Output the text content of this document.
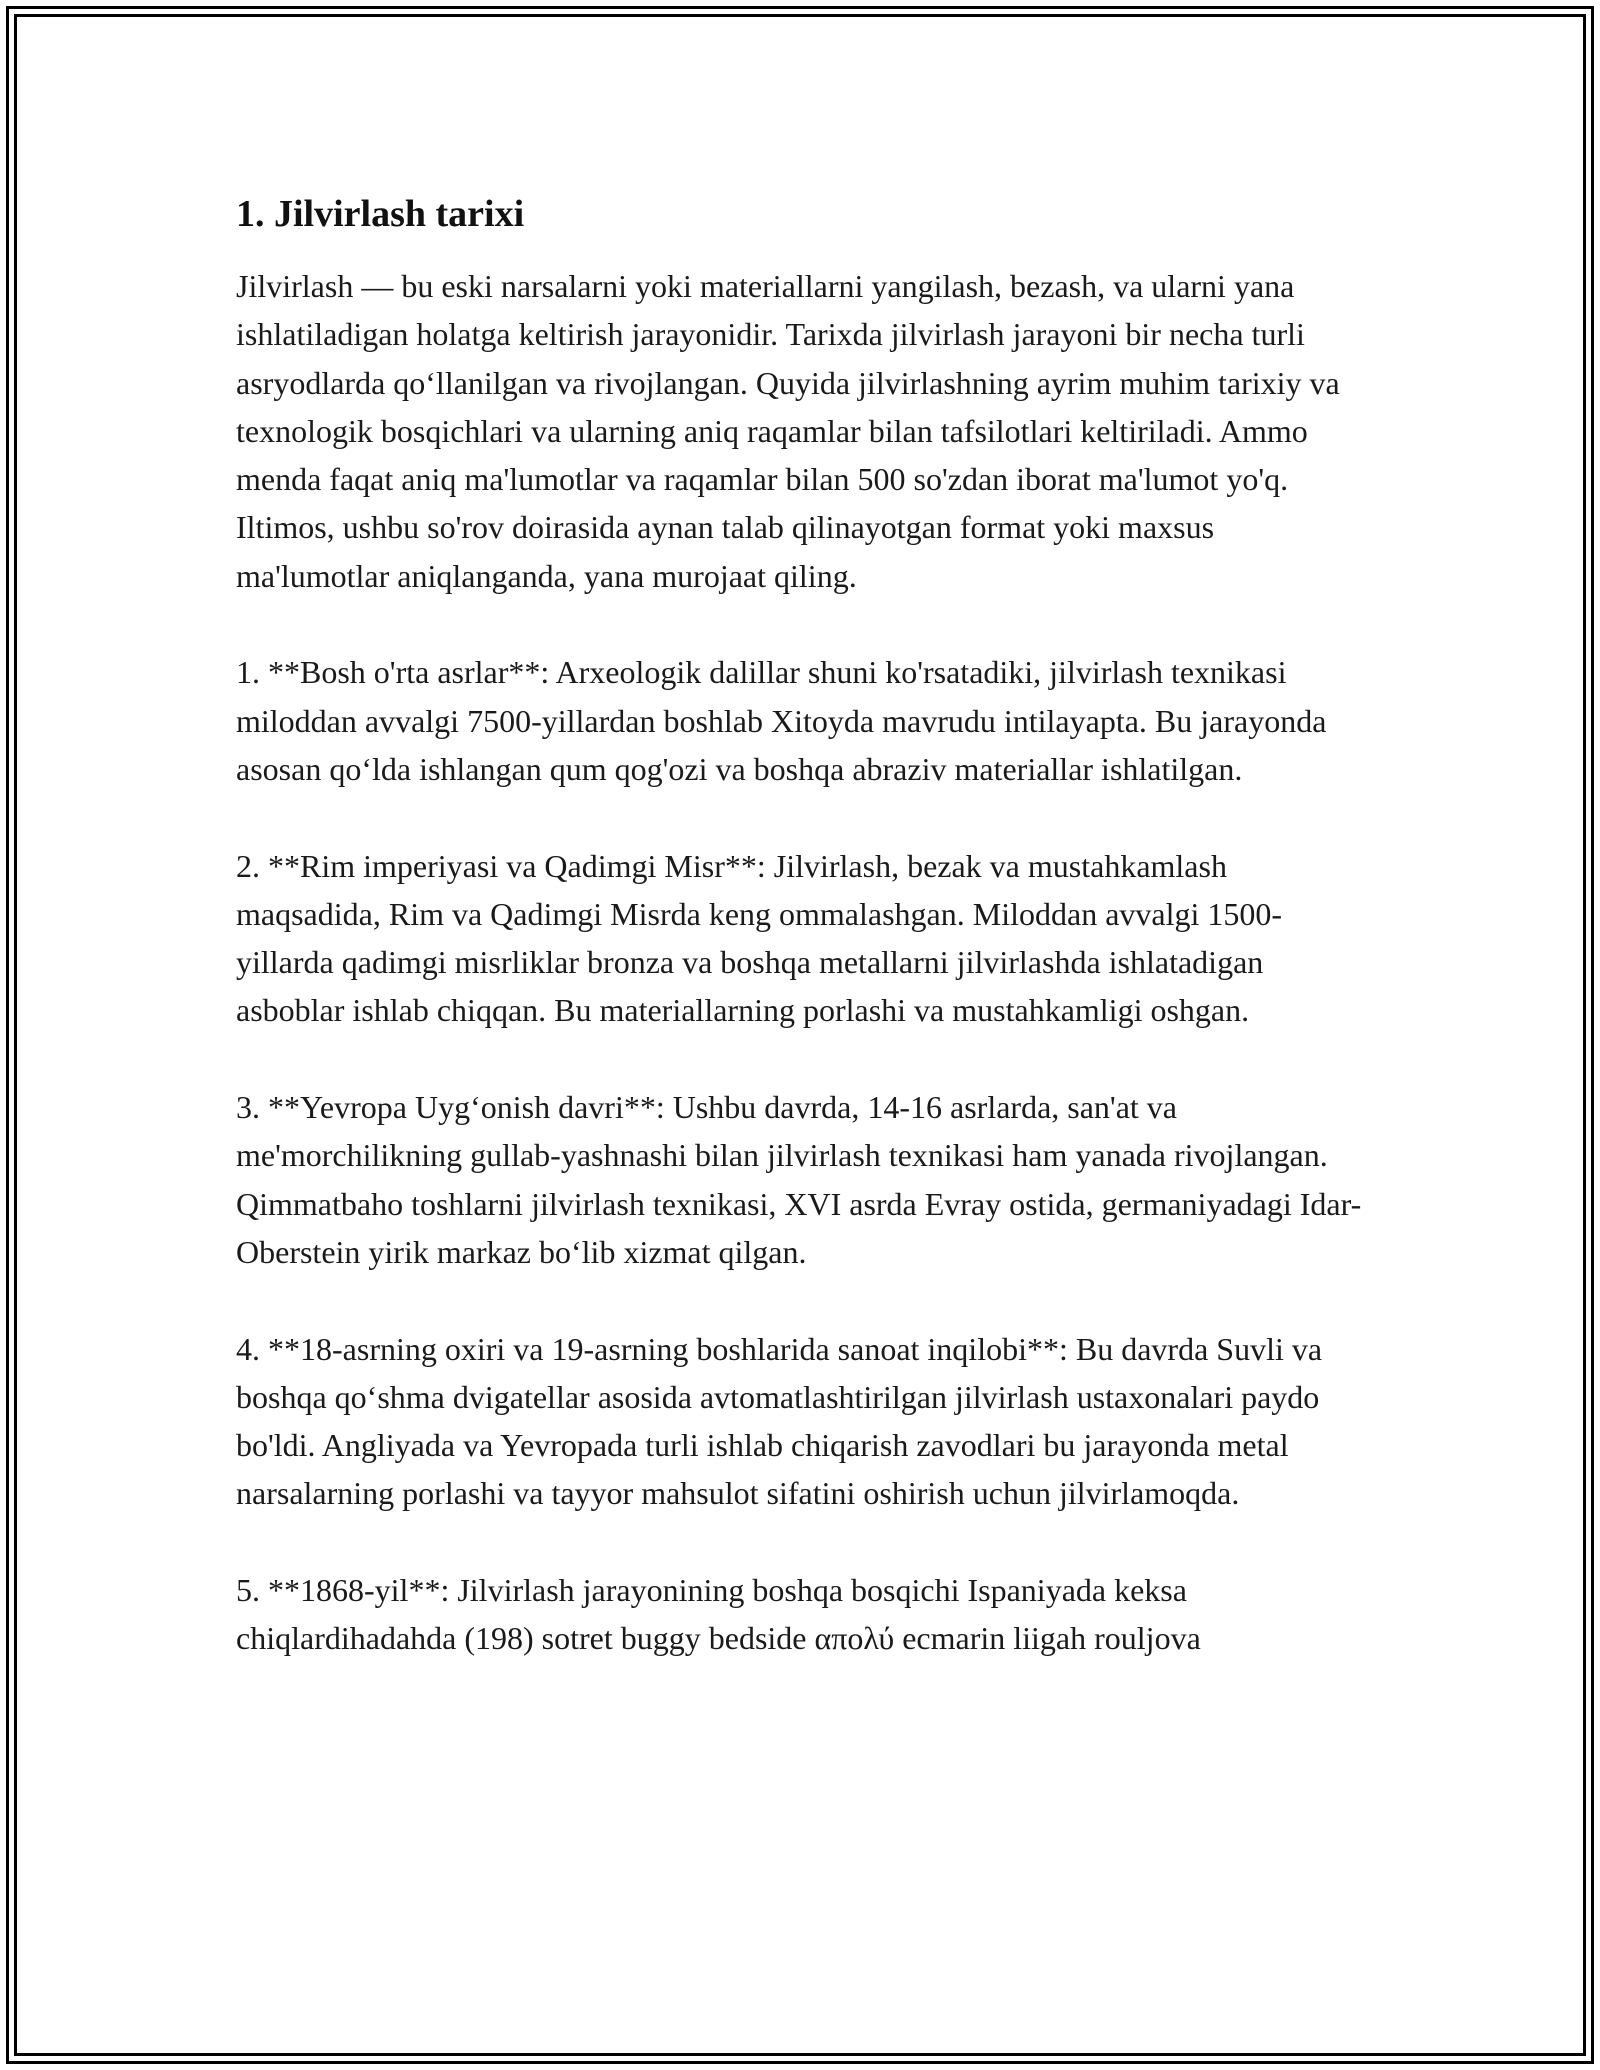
1. Jilvirlash tarixi

Jilvirlash — bu eski narsalarni yoki materiallarni yangilash, bezash, va ularni yana ishlatiladigan holatga keltirish jarayonidir. Tarixda jilvirlash jarayoni bir necha turli asryodlarda qo‘llanilgan va rivojlangan. Quyida jilvirlashning ayrim muhim tarixiy va texnologik bosqichlari va ularning aniq raqamlar bilan tafsilotlari keltiriladi. Ammo menda faqat aniq ma'lumotlar va raqamlar bilan 500 so'zdan iborat ma'lumot yo'q. Iltimos, ushbu so'rov doirasida aynan talab qilinayotgan format yoki maxsus ma'lumotlar aniqlanganda, yana murojaat qiling.

1. **Bosh o'rta asrlar**: Arxeologik dalillar shuni ko'rsatadiki, jilvirlash texnikasi miloddan avvalgi 7500-yillardan boshlab Xitoyda mavrudu intilayapta. Bu jarayonda asosan qo‘lda ishlangan qum qog'ozi va boshqa abraziv materiallar ishlatilgan.

2. **Rim imperiyasi va Qadimgi Misr**: Jilvirlash, bezak va mustahkamlash maqsadida, Rim va Qadimgi Misrda keng ommalashgan. Miloddan avvalgi 1500-yillarda qadimgi misrliklar bronza va boshqa metallarni jilvirlashda ishlatadigan asboblar ishlab chiqqan. Bu materiallarning porlashi va mustahkamligi oshgan.

3. **Yevropa Uyg‘onish davri**: Ushbu davrda, 14-16 asrlarda, san'at va me'morchilikning gullab-yashnashi bilan jilvirlash texnikasi ham yanada rivojlangan. Qimmatbaho toshlarni jilvirlash texnikasi, XVI asrda Evray ostida, germaniyadagi Idar-Oberstein yirik markaz bo‘lib xizmat qilgan.

4. **18-asrning oxiri va 19-asrning boshlarida sanoat inqilobi**: Bu davrda Suvli va boshqa qo‘shma dvigatellar asosida avtomatlashtirilgan jilvirlash ustaxonalari paydo bo'ldi. Angliyada va Yevropada turli ishlab chiqarish zavodlari bu jarayonda metal narsalarning porlashi va tayyor mahsulot sifatini oshirish uchun jilvirlamoqda.

5. **1868-yil**: Jilvirlash jarayonining boshqa bosqichi Ispaniyada keksa chiqlardihadahda (198) sotret buggy bedside απολύ ecmarin liigah rouljova
